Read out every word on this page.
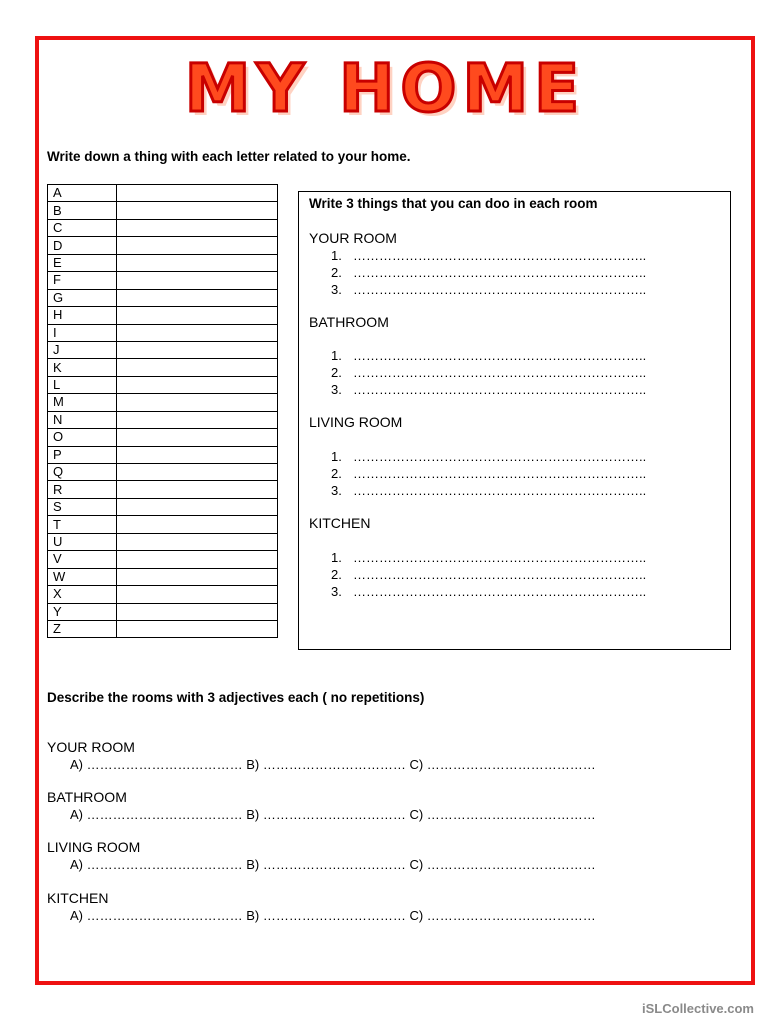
MY HOME
Write down a thing with each letter related to your home.
A	
B	
C	
D	
E	
F	
G	
H	
I	
J	
K	
L	
M	
N	
O	
P	
Q	
R	
S	
T	
U	
V	
W	
X	
Y	
Z	
Write 3 things that you can doo in each room
YOUR ROOM
1. …………………………………………………………..
2. …………………………………………………………..
3. …………………………………………………………..
BATHROOM
1. …………………………………………………………..
2. …………………………………………………………..
3. …………………………………………………………..
LIVING ROOM
1. …………………………………………………………..
2. …………………………………………………………..
3. …………………………………………………………..
KITCHEN
1. …………………………………………………………..
2. …………………………………………………………..
3. …………………………………………………………..
Describe the rooms with 3 adjectives each ( no repetitions)
YOUR ROOM
A) ……………………………… B) …………………………… C) …………………………………
BATHROOM
A) ……………………………… B) …………………………… C) …………………………………
LIVING ROOM
A) ……………………………… B) …………………………… C) …………………………………
KITCHEN
A) ……………………………… B) …………………………… C) …………………………………
iSLCollective.com
